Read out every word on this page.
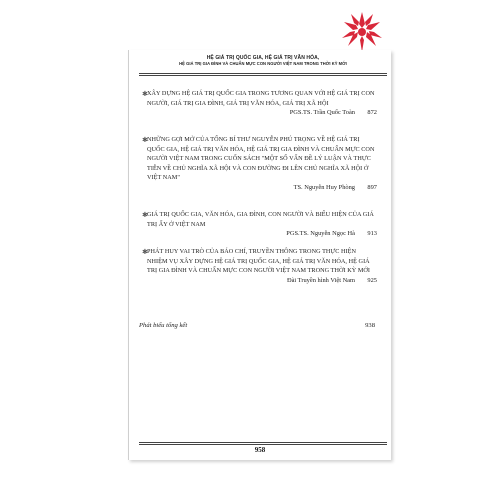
HỆ GIÁ TRỊ QUỐC GIA, HỆ GIÁ TRỊ VĂN HÓA,
HỆ GIÁ TRỊ GIA ĐÌNH VÀ CHUẨN MỰC CON NGƯỜI VIỆT NAM TRONG THỜI KỲ MỚI
✱ XÂY DỰNG HỆ GIÁ TRỊ QUỐC GIA TRONG TƯƠNG QUAN VỚI HỆ GIÁ TRỊ CON NGƯỜI, GIÁ TRỊ GIA ĐÌNH, GIÁ TRỊ VĂN HÓA, GIÁ TRỊ XÃ HỘI
PGS.TS. Trần Quốc Toàn 872
✱ NHỮNG GỢI MỞ CỦA TỔNG BÍ THƯ NGUYỄN PHÚ TRỌNG VỀ HỆ GIÁ TRỊ QUỐC GIA, HỆ GIÁ TRỊ VĂN HÓA, HỆ GIÁ TRỊ GIA ĐÌNH VÀ CHUẨN MỰC CON NGƯỜI VIỆT NAM TRONG CUỐN SÁCH "MỘT SỐ VẤN ĐỀ LÝ LUẬN VÀ THỰC TIỄN VỀ CHỦ NGHĨA XÃ HỘI VÀ CON ĐƯỜNG ĐI LÊN CHỦ NGHĨA XÃ HỘI Ở VIỆT NAM"
TS. Nguyễn Huy Phòng 897
✱ GIÁ TRỊ QUỐC GIA, VĂN HÓA, GIA ĐÌNH, CON NGƯỜI VÀ BIỂU HIỆN CỦA GIÁ TRỊ ẤY Ở VIỆT NAM
PGS.TS. Nguyễn Ngọc Hà 913
✱ PHÁT HUY VAI TRÒ CỦA BÁO CHÍ, TRUYỀN THÔNG TRONG THỰC HIỆN NHIỆM VỤ XÂY DỰNG HỆ GIÁ TRỊ QUỐC GIA, HỆ GIÁ TRỊ VĂN HÓA, HỆ GIÁ TRỊ GIA ĐÌNH VÀ CHUẨN MỰC CON NGƯỜI VIỆT NAM TRONG THỜI KỲ MỚI
Đài Truyền hình Việt Nam 925
Phát biểu tổng kết	938
958
